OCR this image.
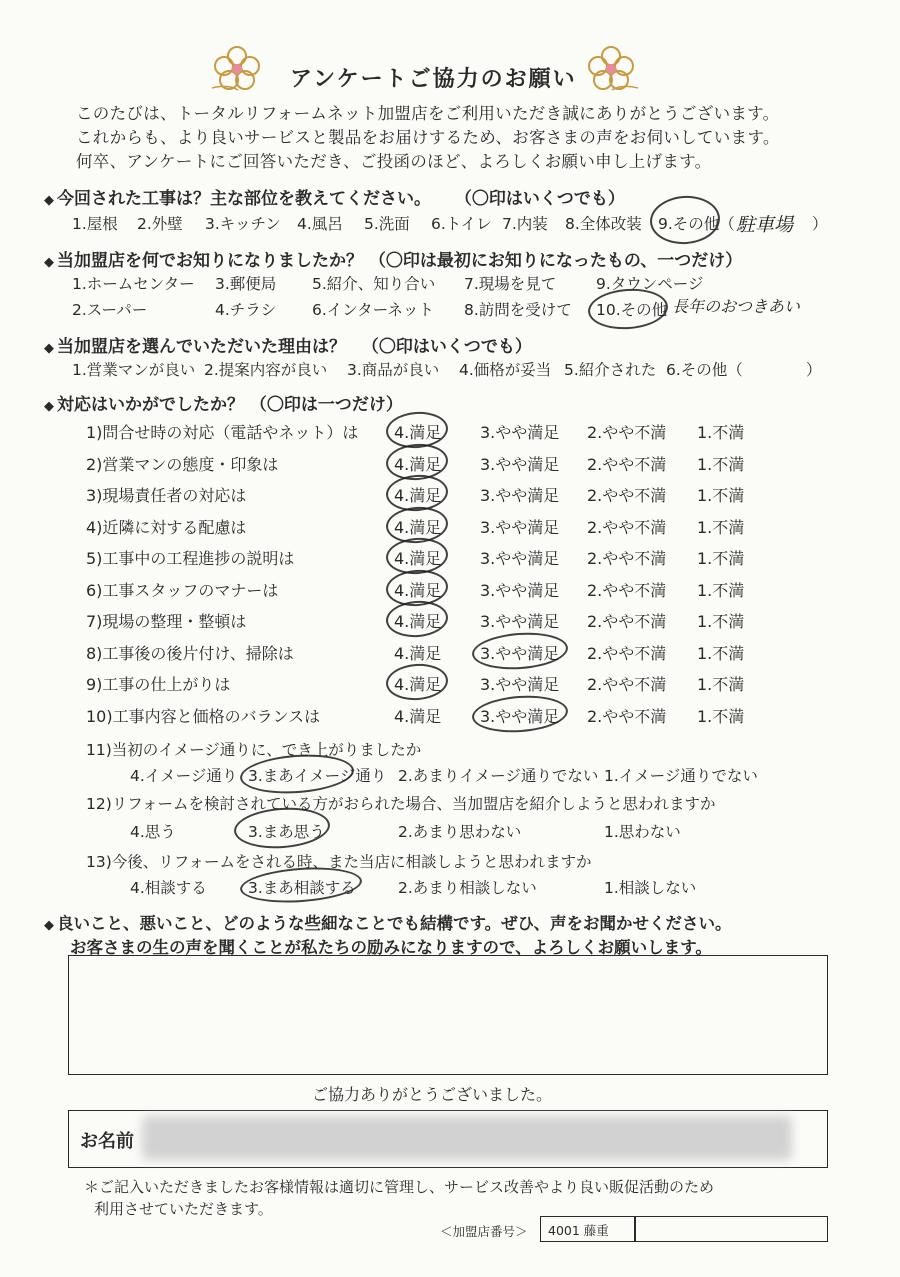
アンケートご協力のお願い
このたびは、トータルリフォームネット加盟店をご利用いただき誠にありがとうございます。
これからも、より良いサービスと製品をお届けするため、お客さまの声をお伺いしています。
何卒、アンケートにご回答いただき、ご投函のほど、よろしくお願い申し上げます。
◆ 今回された工事は？主な部位を教えてください。 （〇印はいくつでも）
1.屋根 2.外壁 3.キッチン 4.風呂 5.洗面 6.トイレ 7.内装 8.全体改装 9.その他（ 駐車場 ）
◆ 当加盟店を何でお知りになりましたか？ （〇印は最初にお知りになったもの、一つだけ）
1.ホームセンター 3.郵便局 5.紹介、知り合い 7.現場を見て	9.タウンページ
2.スーパー	4.チラシ 6.インターネット 8.訪問を受けて 10.その他 長年のおつきあい
◆ 当加盟店を選んでいただいた理由は？ （〇印はいくつでも）
1.営業マンが良い 2.提案内容が良い 3.商品が良い 4.価格が妥当 5.紹介された 6.その他（	）
◆ 対応はいかがでしたか？ （〇印は一つだけ）
1)問合せ時の対応（電話やネット）は 4.満足 3.やや満足 2.やや不満 1.不満
2)営業マンの態度・印象は	4.満足 3.やや満足 2.やや不満 1.不満
3)現場責任者の対応は	4.満足 3.やや満足 2.やや不満 1.不満
4)近隣に対する配慮は	4.満足 3.やや満足 2.やや不満 1.不満
5)工事中の工程進捗の説明は	4.満足 3.やや満足 2.やや不満 1.不満
6)工事スタッフのマナーは	4.満足 3.やや満足 2.やや不満 1.不満
7)現場の整理・整頓は	4.満足 3.やや満足 2.やや不満 1.不満
8)工事後の後片付け、掃除は	4.満足 3.やや満足 2.やや不満 1.不満
9)工事の仕上がりは	4.満足 3.やや満足 2.やや不満 1.不満
10)工事内容と価格のバランスは	4.満足 3.やや満足 2.やや不満 1.不満
11)当初のイメージ通りに、でき上がりましたか
4.イメージ通り 3.まあイメージ通り 2.あまりイメージ通りでない 1.イメージ通りでない
12)リフォームを検討されている方がおられた場合、当加盟店を紹介しようと思われますか
4.思う	3.まあ思う	2.あまり思わない	1.思わない
13)今後、リフォームをされる時、また当店に相談しようと思われますか
4.相談する	3.まあ相談する	2.あまり相談しない	1.相談しない
◆ 良いこと、悪いこと、どのような些細なことでも結構です。ぜひ、声をお聞かせください。
お客さまの生の声を聞くことが私たちの励みになりますので、よろしくお願いします。
ご協力ありがとうございました。
お名前
＊ご記入いただきましたお客様情報は適切に管理し、サービス改善やより良い販促活動のため
利用させていただきます。
＜加盟店番号＞ 4001 藤重
